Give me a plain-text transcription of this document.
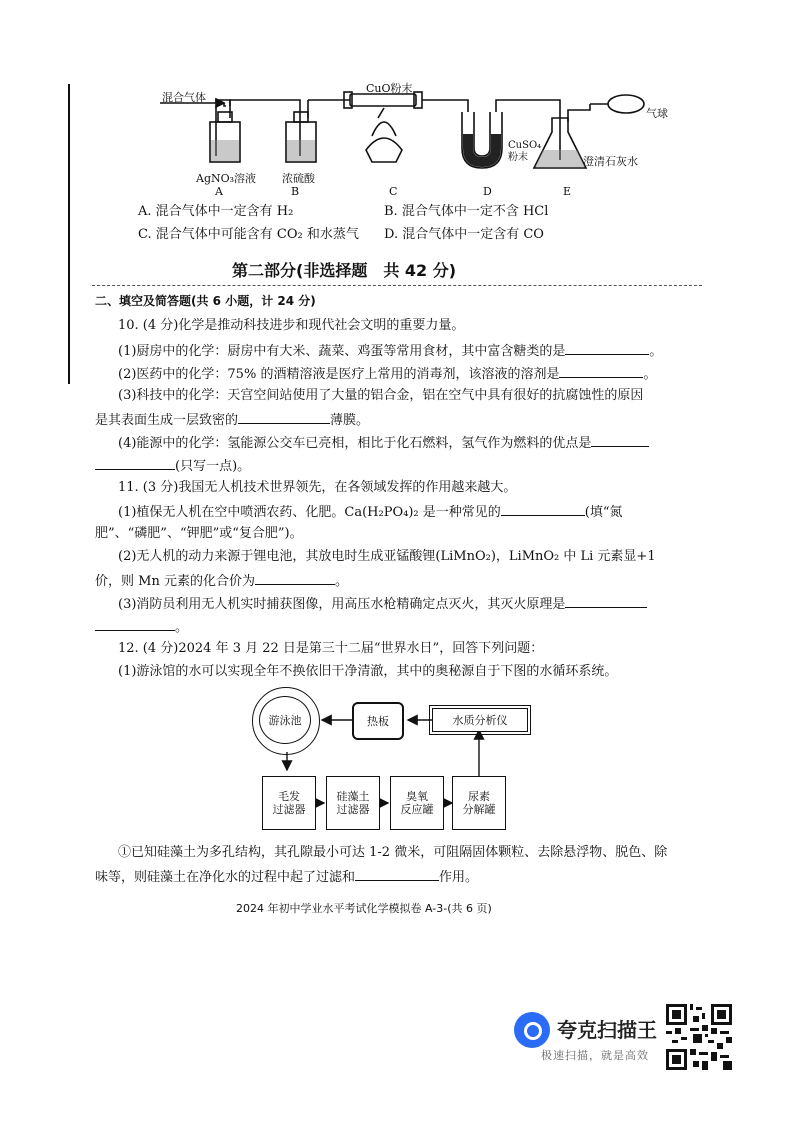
混合气体
CuO粉末
气球
CuSO₄
粉末
AgNO₃溶液 浓硫酸
澄清石灰水
A	B	C	D	E
A. 混合气体中一定含有 H₂	B. 混合气体中一定不含 HCl
C. 混合气体中可能含有 CO₂ 和水蒸气 D. 混合气体中一定含有 CO
第二部分(非选择题　共 42 分)
二、填空及简答题(共 6 小题，计 24 分)
10. (4 分)化学是推动科技进步和现代社会文明的重要力量。
(1)厨房中的化学：厨房中有大米、蔬菜、鸡蛋等常用食材，其中富含糖类的是	。
(2)医药中的化学：75% 的酒精溶液是医疗上常用的消毒剂，该溶液的溶剂是	。
(3)科技中的化学：天宫空间站使用了大量的铝合金，铝在空气中具有很好的抗腐蚀性的原因
是其表面生成一层致密的	薄膜。
(4)能源中的化学：氢能源公交车已亮相，相比于化石燃料，氢气作为燃料的优点是
(只写一点)。
11. (3 分)我国无人机技术世界领先，在各领域发挥的作用越来越大。
(1)植保无人机在空中喷洒农药、化肥。Ca(H₂PO₄)₂ 是一种常见的	(填“氮
肥”、“磷肥”、“钾肥”或“复合肥”)。
(2)无人机的动力来源于锂电池，其放电时生成亚锰酸锂(LiMnO₂)，LiMnO₂ 中 Li 元素显+1
价，则 Mn 元素的化合价为	。
(3)消防员利用无人机实时捕获图像，用高压水枪精确定点灭火，其灭火原理是
。
12. (4 分)2024 年 3 月 22 日是第三十二届“世界水日”，回答下列问题：
(1)游泳馆的水可以实现全年不换依旧干净清澈，其中的奥秘源自于下图的水循环系统。
游泳池	热板	水质分析仪
毛发
过滤器
硅藻土
过滤器
臭氧
反应罐
尿素
分解罐
①已知硅藻土为多孔结构，其孔隙最小可达 1-2 微米，可阻隔固体颗粒、去除悬浮物、脱色、除
味等，则硅藻土在净化水的过程中起了过滤和	作用。
2024 年初中学业水平考试化学模拟卷 A-3-(共 6 页)
夸克扫描王
极速扫描，就是高效
